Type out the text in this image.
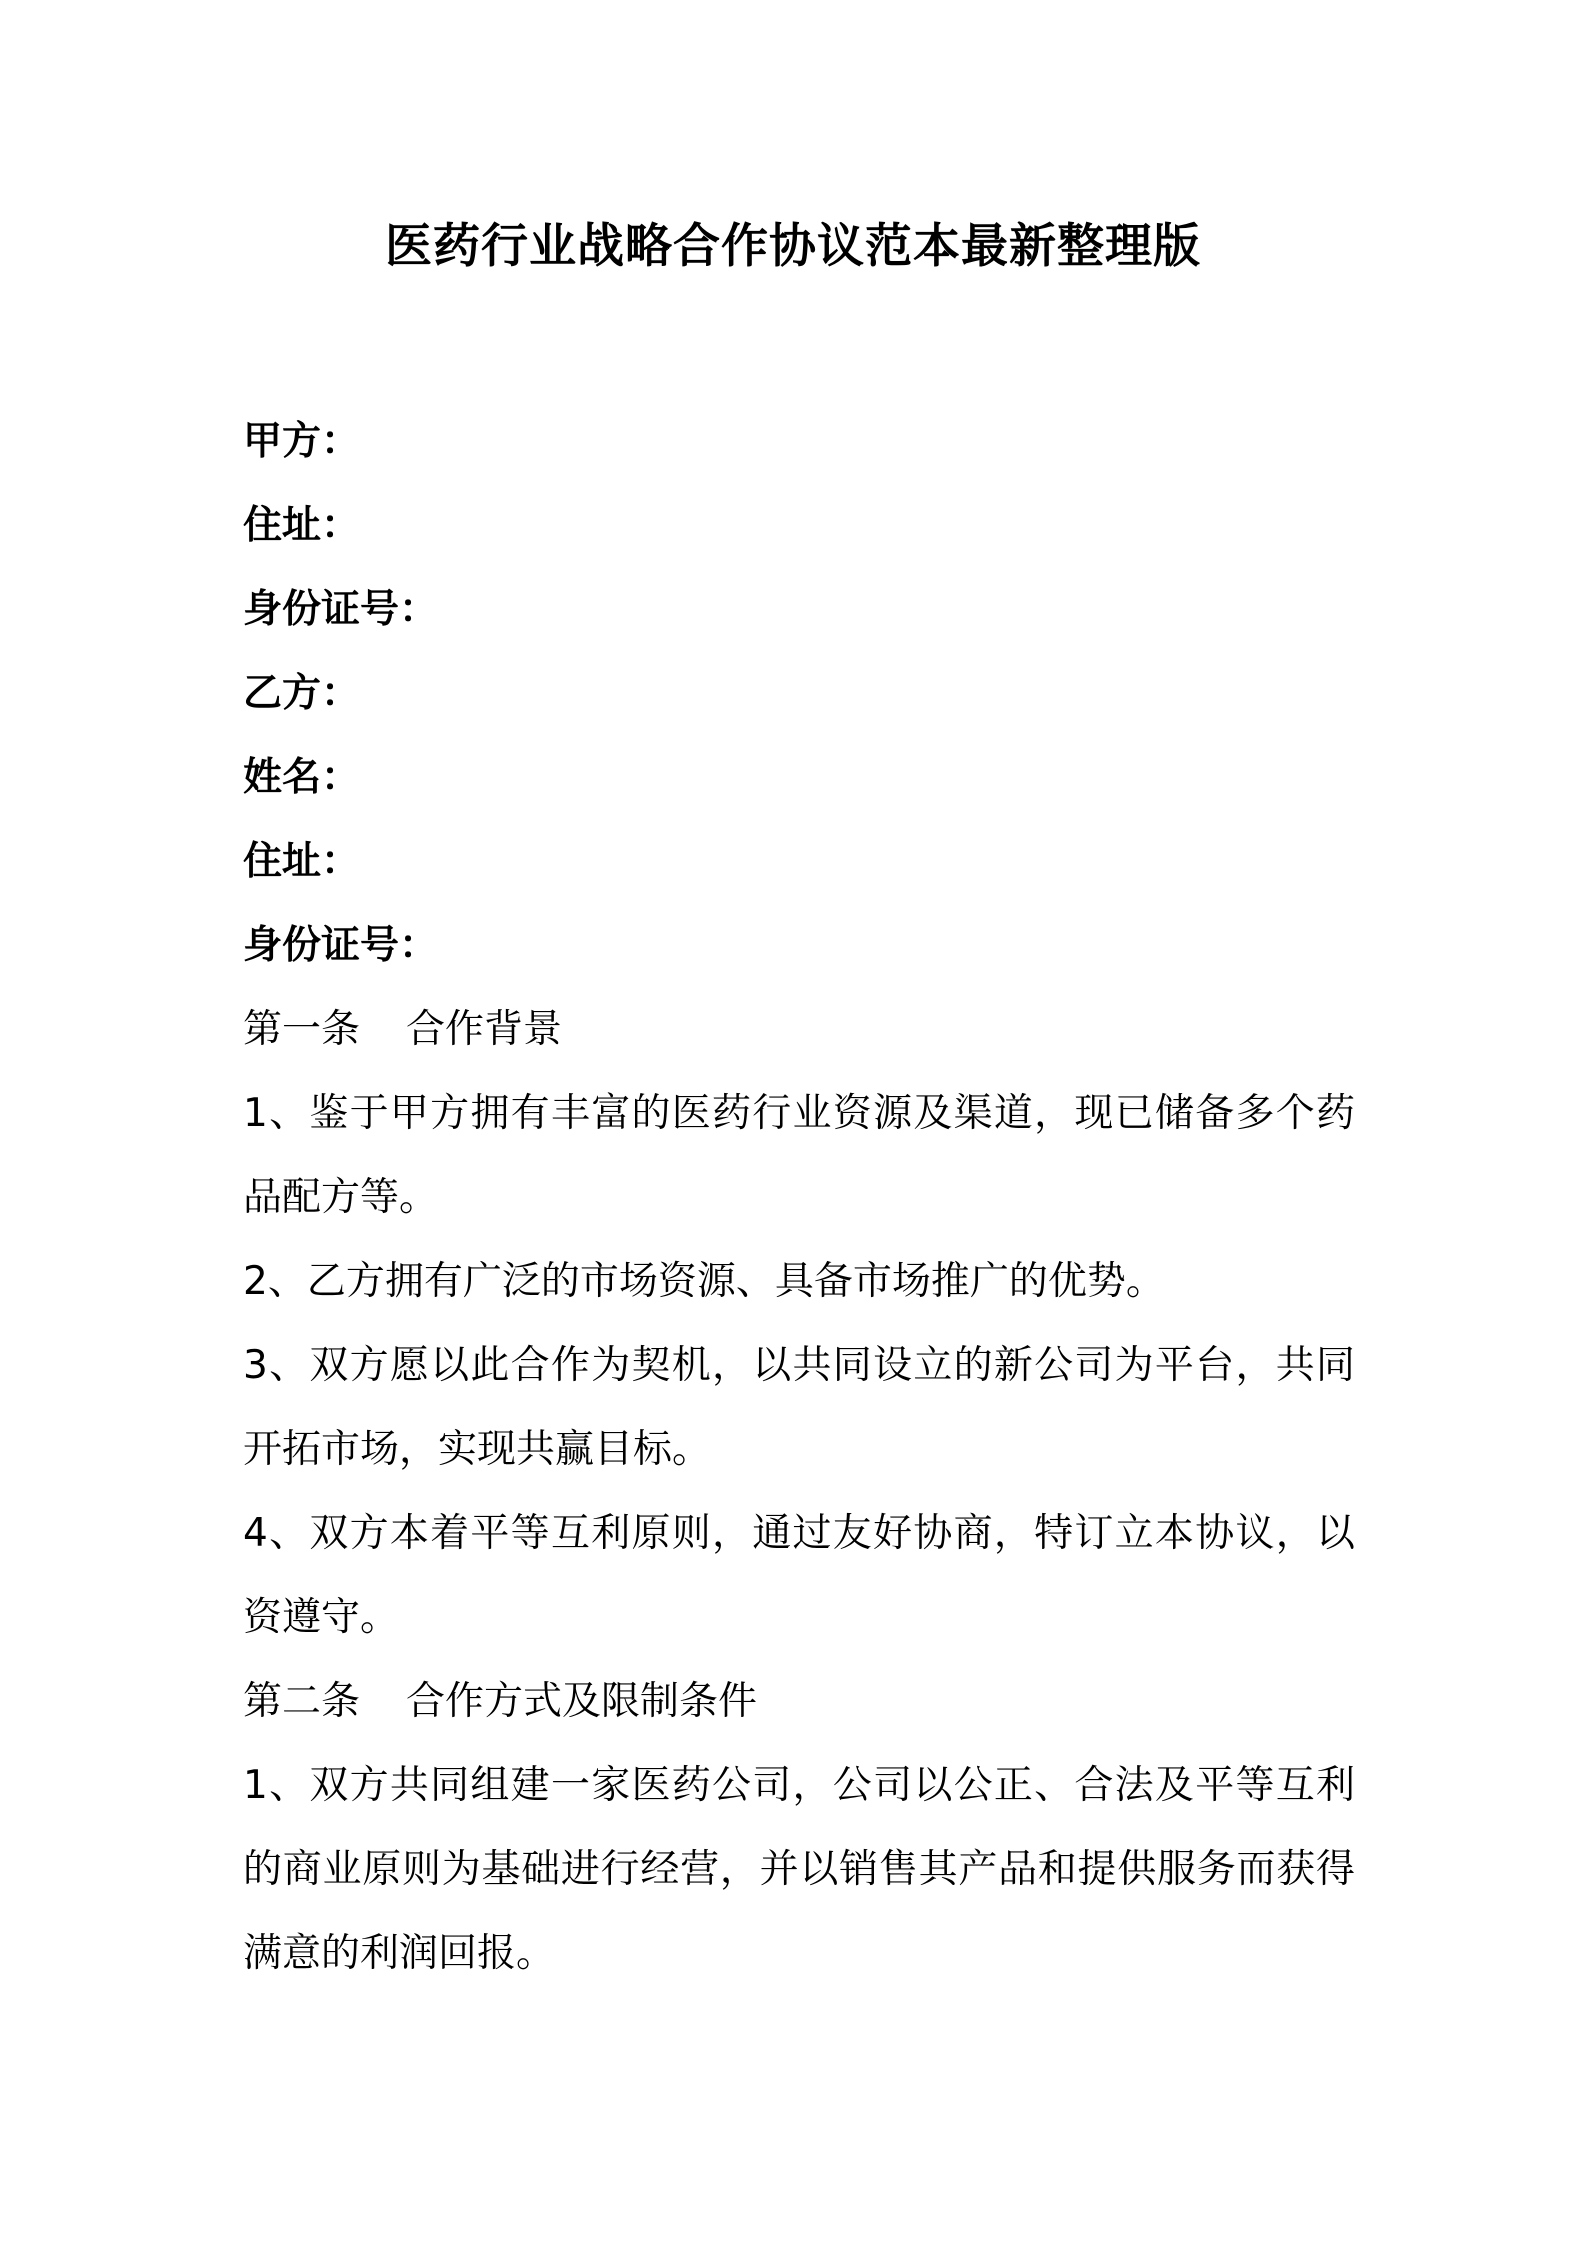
医药行业战略合作协议范本最新整理版
甲方：
住址：
身份证号：
乙方：
姓名：
住址：
身份证号：
第一条 合作背景

1、鉴于甲方拥有丰富的医药行业资源及渠道，现已储备多个药品配方等。

2、乙方拥有广泛的市场资源、具备市场推广的优势。

3、双方愿以此合作为契机，以共同设立的新公司为平台，共同开拓市场，实现共赢目标。

4、双方本着平等互利原则，通过友好协商，特订立本协议，以资遵守。

第二条 合作方式及限制条件

1、双方共同组建一家医药公司，公司以公正、合法及平等互利的商业原则为基础进行经营，并以销售其产品和提供服务而获得满意的利润回报。
